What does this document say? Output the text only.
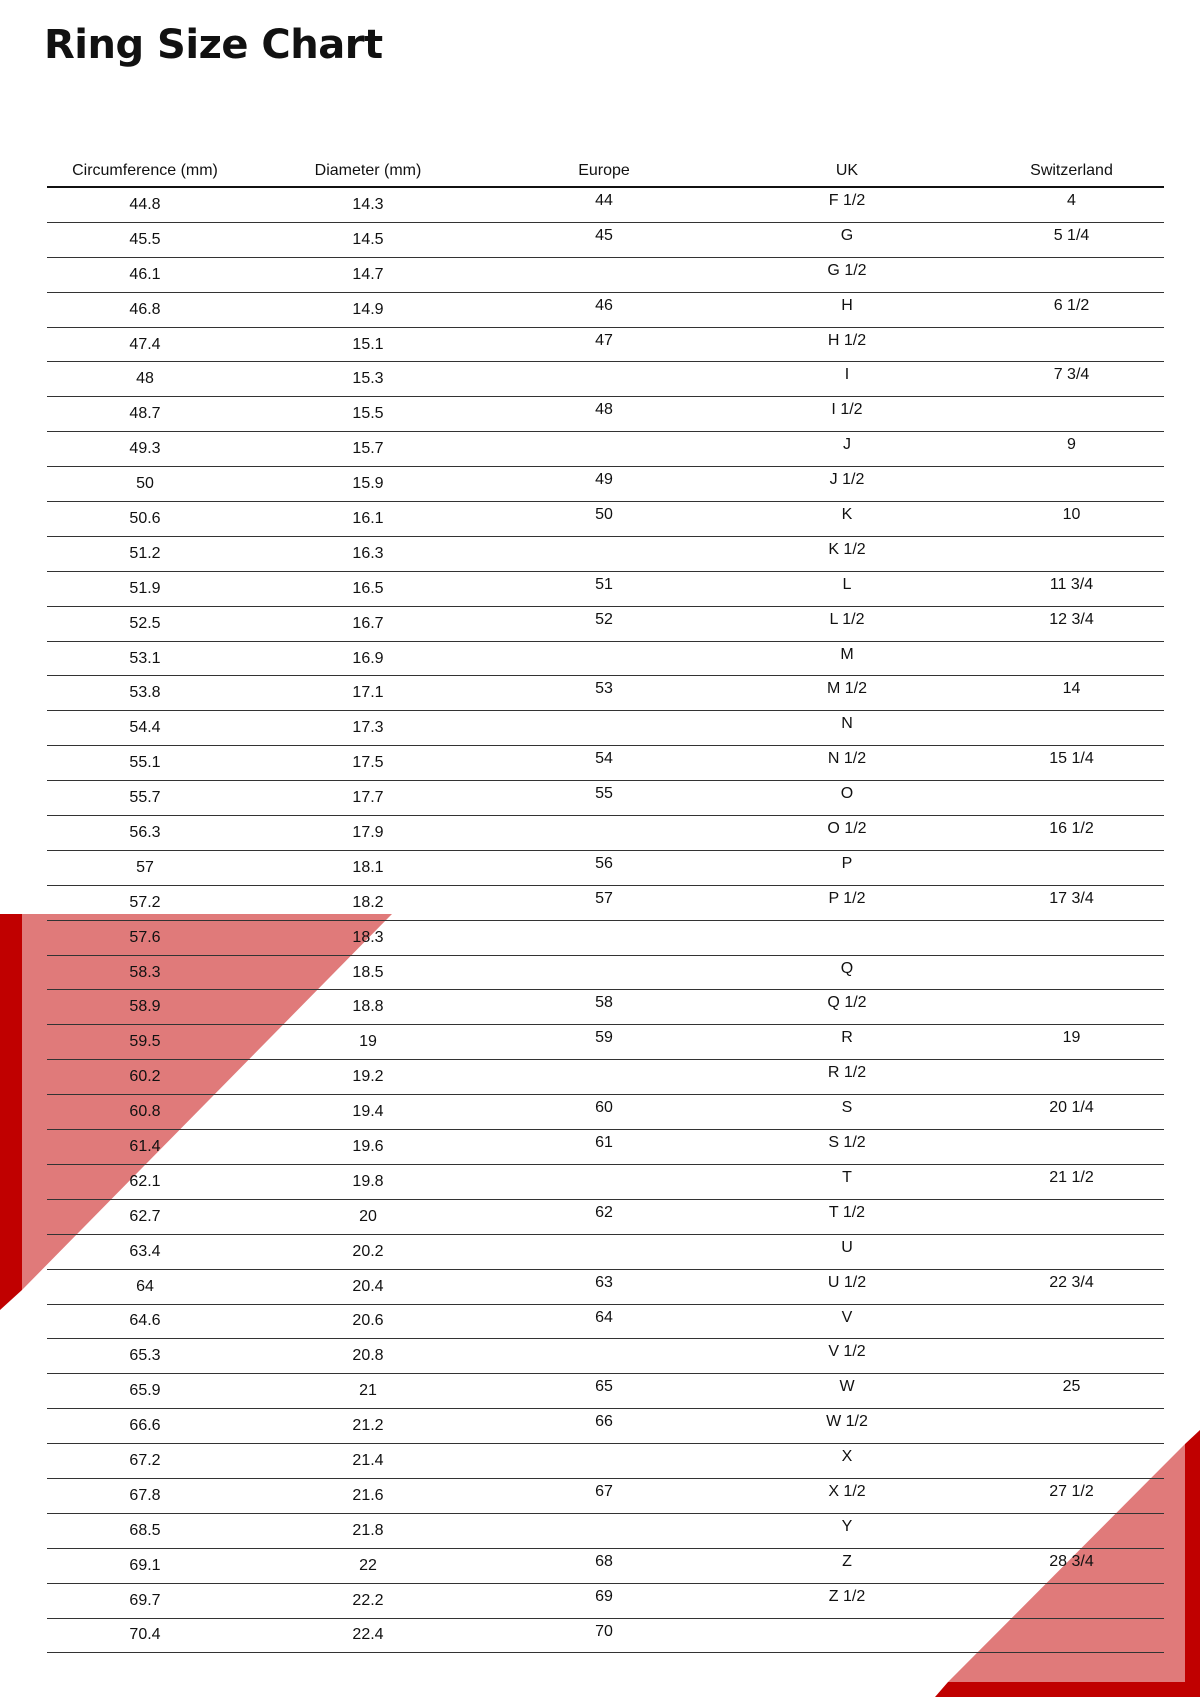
Ring Size Chart
Circumference (mm)	Diameter (mm)	Europe	UK	Switzerland
44.8	14.3	44	F 1/2	4
45.5	14.5	45	G	5 1/4
46.1	14.7		G 1/2	
46.8	14.9	46	H	6 1/2
47.4	15.1	47	H 1/2	
48	15.3		I	7 3/4
48.7	15.5	48	I 1/2	
49.3	15.7		J	9
50	15.9	49	J 1/2	
50.6	16.1	50	K	10
51.2	16.3		K 1/2	
51.9	16.5	51	L	11 3/4
52.5	16.7	52	L 1/2	12 3/4
53.1	16.9		M	
53.8	17.1	53	M 1/2	14
54.4	17.3		N	
55.1	17.5	54	N 1/2	15 1/4
55.7	17.7	55	O	
56.3	17.9		O 1/2	16 1/2
57	18.1	56	P	
57.2	18.2	57	P 1/2	17 3/4
57.6	18.3			
58.3	18.5		Q	
58.9	18.8	58	Q 1/2	
59.5	19	59	R	19
60.2	19.2		R 1/2	
60.8	19.4	60	S	20 1/4
61.4	19.6	61	S 1/2	
62.1	19.8		T	21 1/2
62.7	20	62	T 1/2	
63.4	20.2		U	
64	20.4	63	U 1/2	22 3/4
64.6	20.6	64	V	
65.3	20.8		V 1/2	
65.9	21	65	W	25
66.6	21.2	66	W 1/2	
67.2	21.4		X	
67.8	21.6	67	X 1/2	27 1/2
68.5	21.8		Y	
69.1	22	68	Z	28 3/4
69.7	22.2	69	Z 1/2	
70.4	22.4	70		
